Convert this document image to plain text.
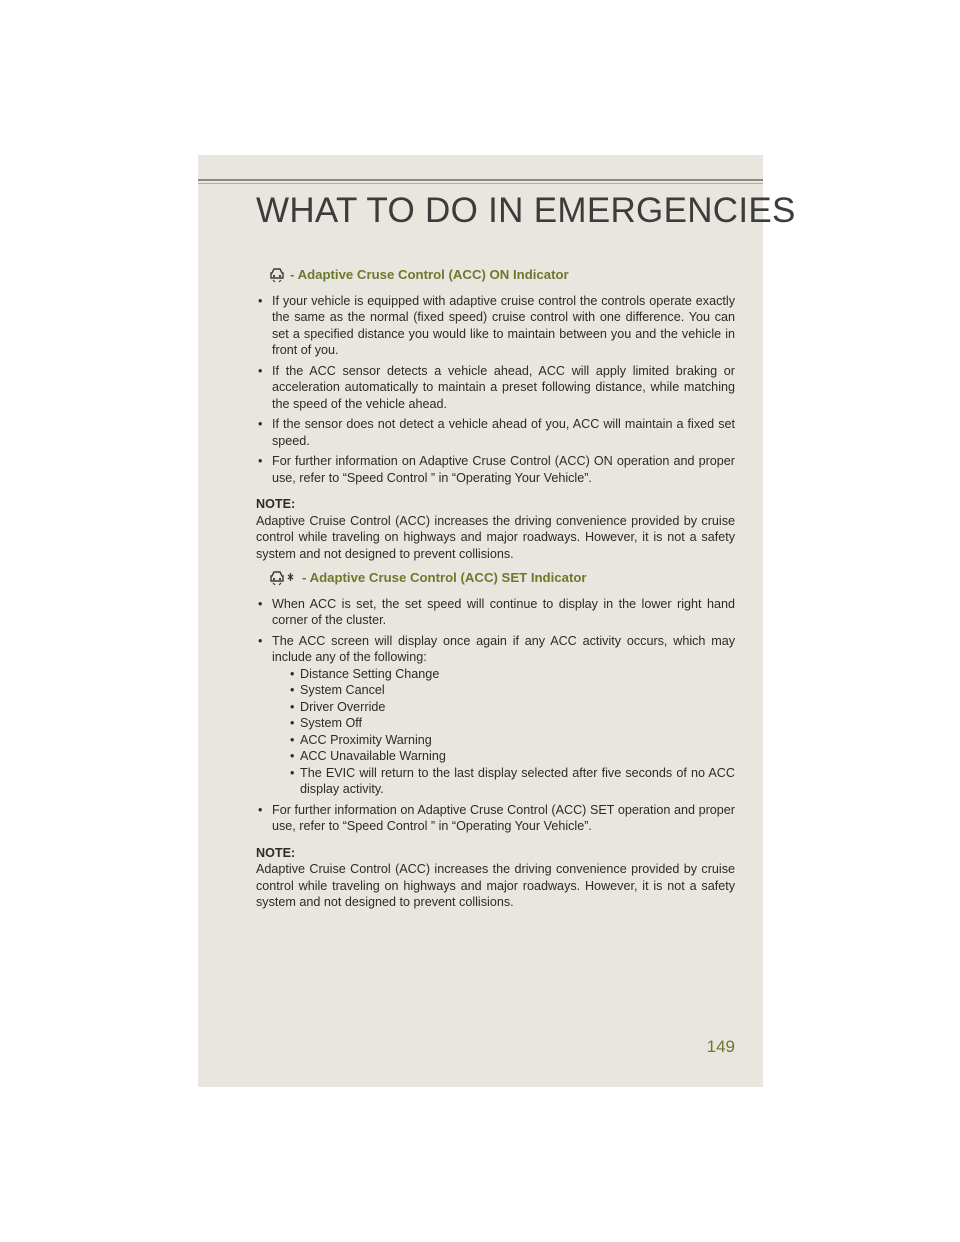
WHAT TO DO IN EMERGENCIES
- Adaptive Cruse Control (ACC) ON Indicator
• If your vehicle is equipped with adaptive cruise control the controls operate exactly the same as the normal (fixed speed) cruise control with one difference. You can set a specified distance you would like to maintain between you and the vehicle in front of you.
• If the ACC sensor detects a vehicle ahead, ACC will apply limited braking or acceleration automatically to maintain a preset following distance, while matching the speed of the vehicle ahead.
• If the sensor does not detect a vehicle ahead of you, ACC will maintain a fixed set speed.
• For further information on Adaptive Cruse Control (ACC) ON operation and proper use, refer to “Speed Control ” in “Operating Your Vehicle”.
NOTE:
Adaptive Cruise Control (ACC) increases the driving convenience provided by cruise control while traveling on highways and major roadways. However, it is not a safety system and not designed to prevent collisions.
- Adaptive Cruse Control (ACC) SET Indicator
• When ACC is set, the set speed will continue to display in the lower right hand corner of the cluster.
• The ACC screen will display once again if any ACC activity occurs, which may include any of the following:
• Distance Setting Change
• System Cancel
• Driver Override
• System Off
• ACC Proximity Warning
• ACC Unavailable Warning
• The EVIC will return to the last display selected after five seconds of no ACC display activity.
• For further information on Adaptive Cruse Control (ACC) SET operation and proper use, refer to “Speed Control ” in “Operating Your Vehicle”.
NOTE:
Adaptive Cruise Control (ACC) increases the driving convenience provided by cruise control while traveling on highways and major roadways. However, it is not a safety system and not designed to prevent collisions.
149
